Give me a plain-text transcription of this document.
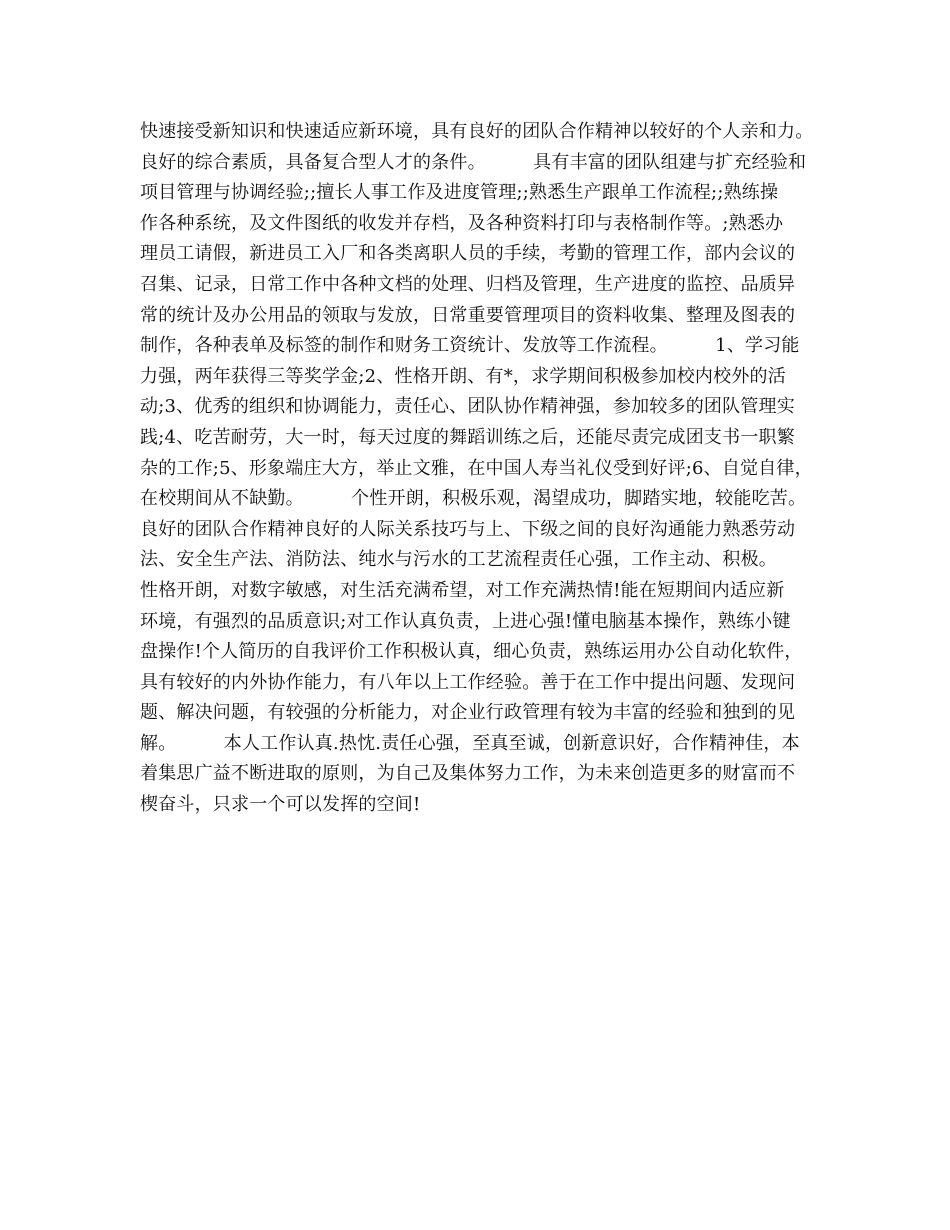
快速接受新知识和快速适应新环境，具有良好的团队合作精神以较好的个人亲和力。
良好的综合素质，具备复合型人才的条件。        具有丰富的团队组建与扩充经验和
项目管理与协调经验;;擅长人事工作及进度管理;;熟悉生产跟单工作流程;;熟练操
作各种系统，及文件图纸的收发并存档，及各种资料打印与表格制作等。;熟悉办
理员工请假，新进员工入厂和各类离职人员的手续，考勤的管理工作，部内会议的
召集、记录，日常工作中各种文档的处理、归档及管理，生产进度的监控、品质异
常的统计及办公用品的领取与发放，日常重要管理项目的资料收集、整理及图表的
制作，各种表单及标签的制作和财务工资统计、发放等工作流程。        1、学习能
力强，两年获得三等奖学金;2、性格开朗、有*，求学期间积极参加校内校外的活
动;3、优秀的组织和协调能力，责任心、团队协作精神强，参加较多的团队管理实
践;4、吃苦耐劳，大一时，每天过度的舞蹈训练之后，还能尽责完成团支书一职繁
杂的工作;5、形象端庄大方，举止文雅，在中国人寿当礼仪受到好评;6、自觉自律，
在校期间从不缺勤。        个性开朗，积极乐观，渴望成功，脚踏实地，较能吃苦。
良好的团队合作精神良好的人际关系技巧与上、下级之间的良好沟通能力熟悉劳动
法、安全生产法、消防法、纯水与污水的工艺流程责任心强，工作主动、积极。
性格开朗，对数字敏感，对生活充满希望，对工作充满热情!能在短期间内适应新
环境，有强烈的品质意识;对工作认真负责，上进心强!懂电脑基本操作，熟练小键
盘操作!个人简历的自我评价工作积极认真，细心负责，熟练运用办公自动化软件，
具有较好的内外协作能力，有八年以上工作经验。善于在工作中提出问题、发现问
题、解决问题，有较强的分析能力，对企业行政管理有较为丰富的经验和独到的见
解。        本人工作认真.热忱.责任心强，至真至诚，创新意识好，合作精神佳，本
着集思广益不断进取的原则，为自己及集体努力工作，为未来创造更多的财富而不
楔奋斗，只求一个可以发挥的空间!
